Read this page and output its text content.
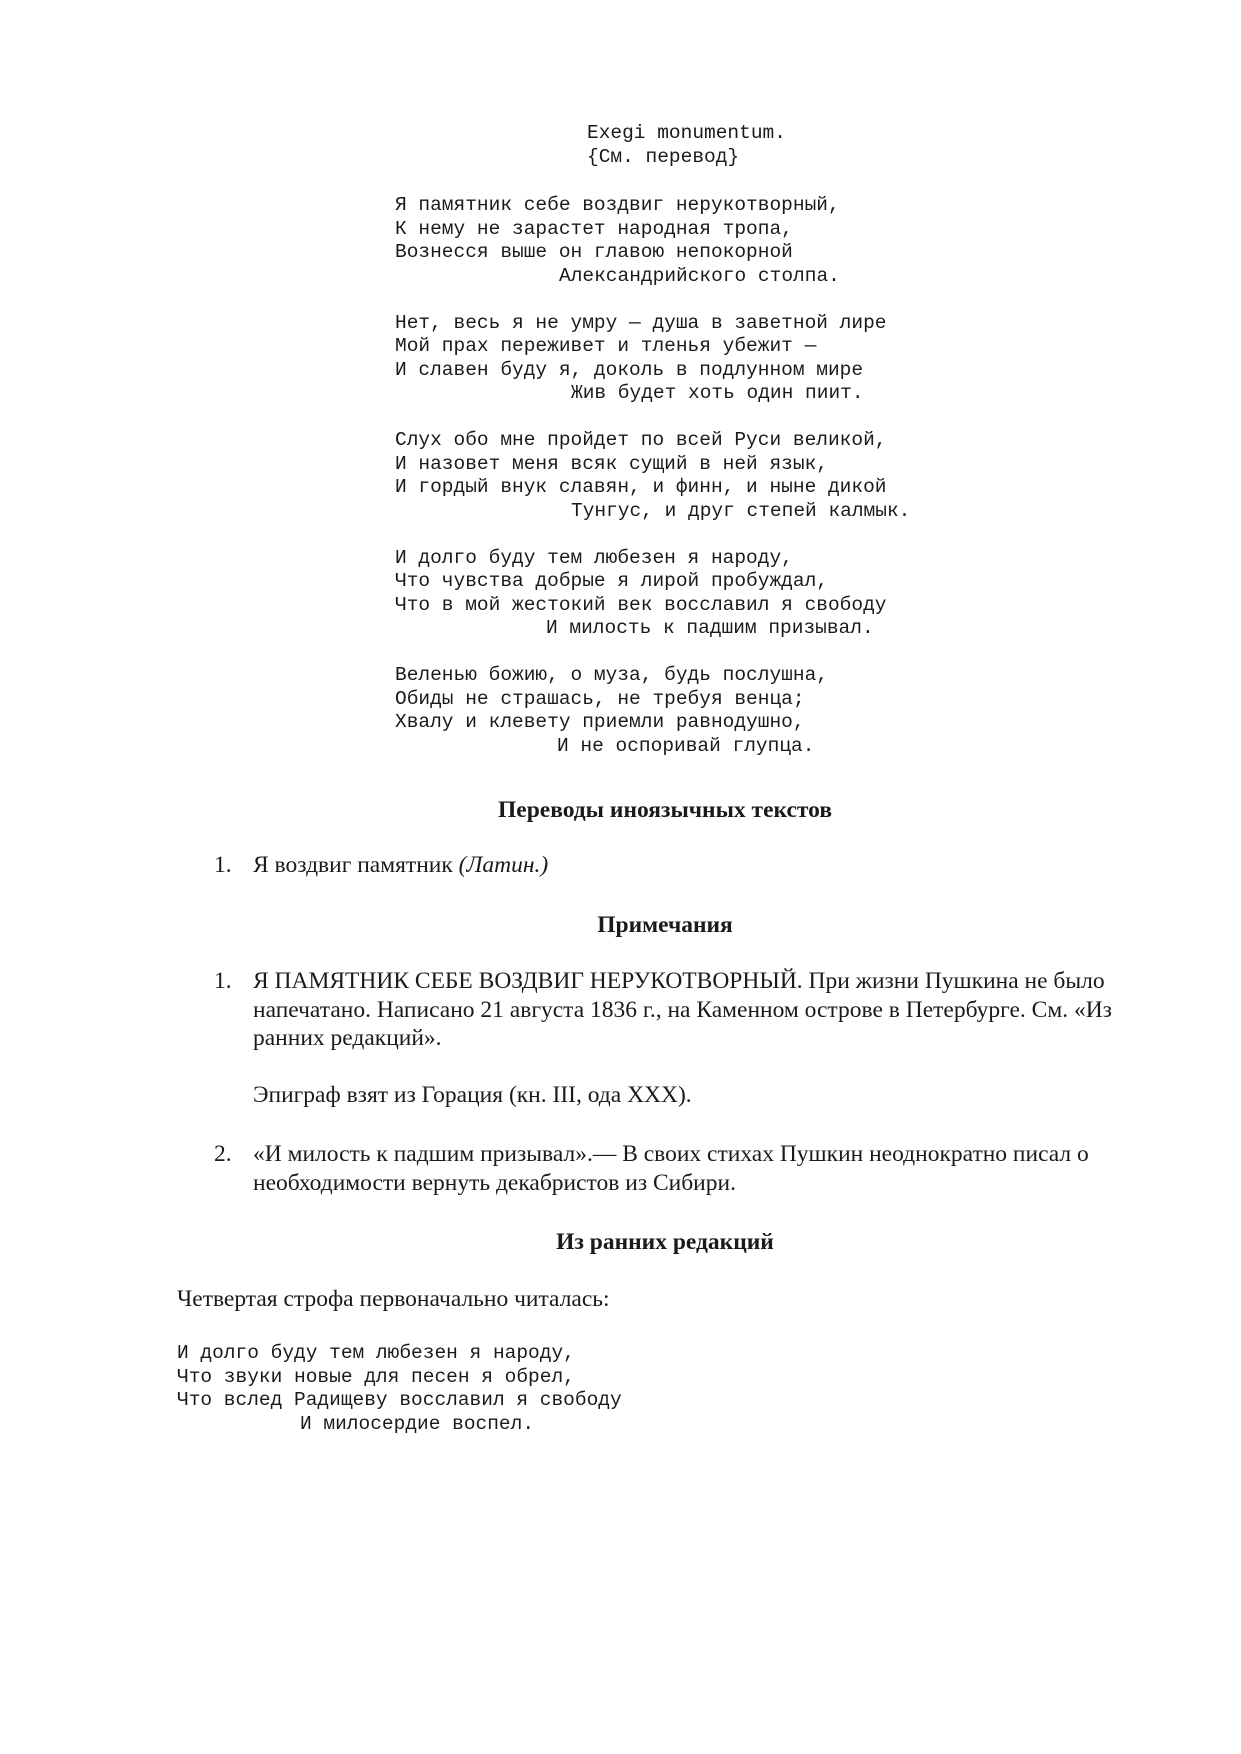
Exegi monumentum.
{См. перевод}
Я памятник себе воздвиг нерукотворный,
К нему не зарастет народная тропа,
Вознесся выше он главою непокорной
Александрийского столпа.
Нет, весь я не умру — душа в заветной лире
Мой прах переживет и тленья убежит —
И славен буду я, доколь в подлунном мире
Жив будет хоть один пиит.
Слух обо мне пройдет по всей Руси великой,
И назовет меня всяк сущий в ней язык,
И гордый внук славян, и финн, и ныне дикой
Тунгус, и друг степей калмык.
И долго буду тем любезен я народу,
Что чувства добрые я лирой пробуждал,
Что в мой жестокий век восславил я свободу
И милость к падшим призывал.
Веленью божию, о муза, будь послушна,
Обиды не страшась, не требуя венца;
Хвалу и клевету приемли равнодушно,
И не оспоривай глупца.
Переводы иноязычных текстов
1. Я воздвиг памятник (Латин.)
Примечания
1. Я ПАМЯТНИК СЕБЕ ВОЗДВИГ НЕРУКОТВОРНЫЙ. При жизни Пушкина не было напечатано. Написано 21 августа 1836 г., на Каменном острове в Петербурге. См. «Из ранних редакций».
Эпиграф взят из Горация (кн. III, ода XXX).
2. «И милость к падшим призывал».— В своих стихах Пушкин неоднократно писал о необходимости вернуть декабристов из Сибири.
Из ранних редакций
Четвертая строфа первоначально читалась:
И долго буду тем любезен я народу,
Что звуки новые для песен я обрел,
Что вслед Радищеву восславил я свободу
И милосердие воспел.
